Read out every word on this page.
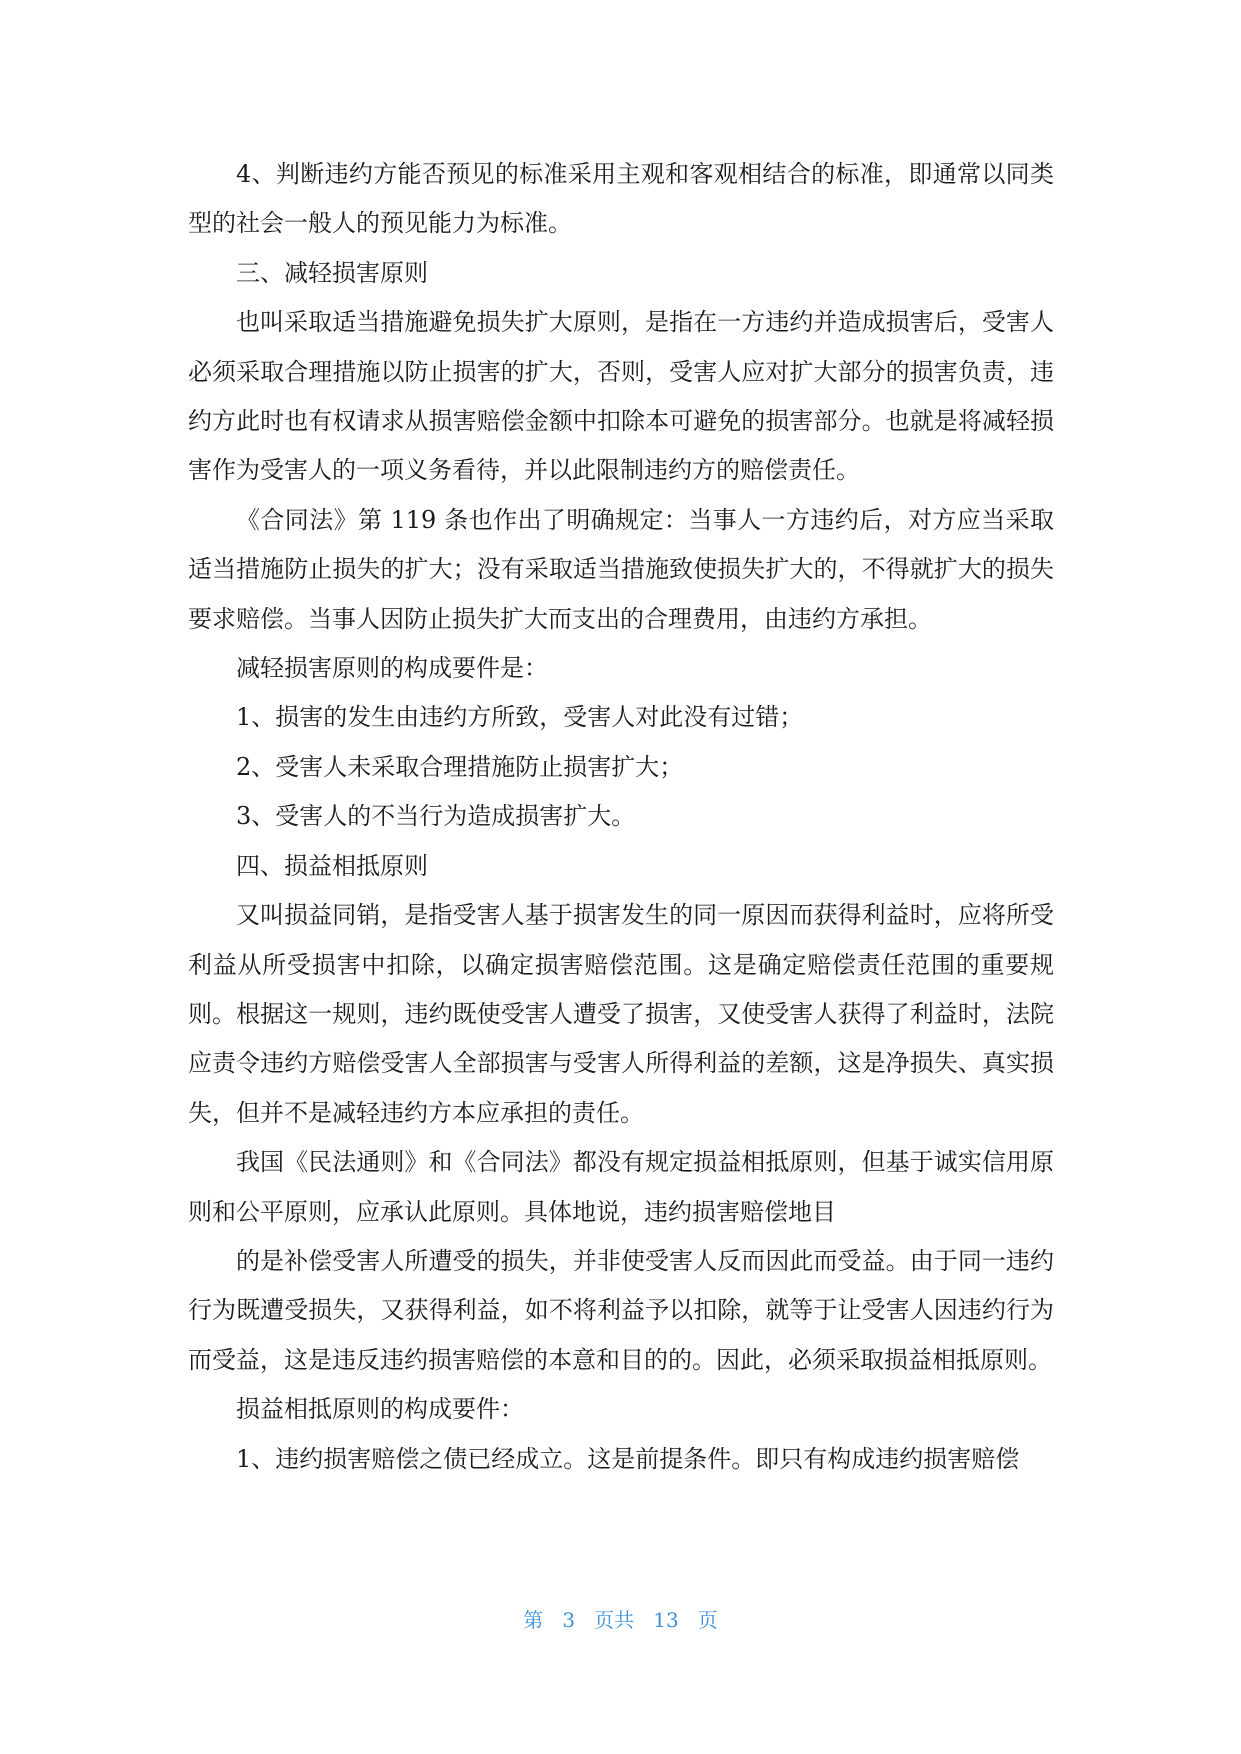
4、判断违约方能否预见的标准采用主观和客观相结合的标准，即通常以同类型的社会一般人的预见能力为标准。

三、减轻损害原则

也叫采取适当措施避免损失扩大原则，是指在一方违约并造成损害后，受害人必须采取合理措施以防止损害的扩大，否则，受害人应对扩大部分的损害负责，违约方此时也有权请求从损害赔偿金额中扣除本可避免的损害部分。也就是将减轻损害作为受害人的一项义务看待，并以此限制违约方的赔偿责任。

《合同法》第 119 条也作出了明确规定：当事人一方违约后，对方应当采取适当措施防止损失的扩大；没有采取适当措施致使损失扩大的，不得就扩大的损失要求赔偿。当事人因防止损失扩大而支出的合理费用，由违约方承担。

减轻损害原则的构成要件是：

1、损害的发生由违约方所致，受害人对此没有过错；

2、受害人未采取合理措施防止损害扩大；

3、受害人的不当行为造成损害扩大。

四、损益相抵原则

又叫损益同销，是指受害人基于损害发生的同一原因而获得利益时，应将所受利益从所受损害中扣除，以确定损害赔偿范围。这是确定赔偿责任范围的重要规则。根据这一规则，违约既使受害人遭受了损害，又使受害人获得了利益时，法院应责令违约方赔偿受害人全部损害与受害人所得利益的差额，这是净损失、真实损失，但并不是减轻违约方本应承担的责任。

我国《民法通则》和《合同法》都没有规定损益相抵原则，但基于诚实信用原则和公平原则，应承认此原则。具体地说，违约损害赔偿地目

的是补偿受害人所遭受的损失，并非使受害人反而因此而受益。由于同一违约行为既遭受损失，又获得利益，如不将利益予以扣除，就等于让受害人因违约行为而受益，这是违反违约损害赔偿的本意和目的的。因此，必须采取损益相抵原则。

损益相抵原则的构成要件：

1、违约损害赔偿之债已经成立。这是前提条件。即只有构成违约损害赔偿

第 3 页共 13 页
